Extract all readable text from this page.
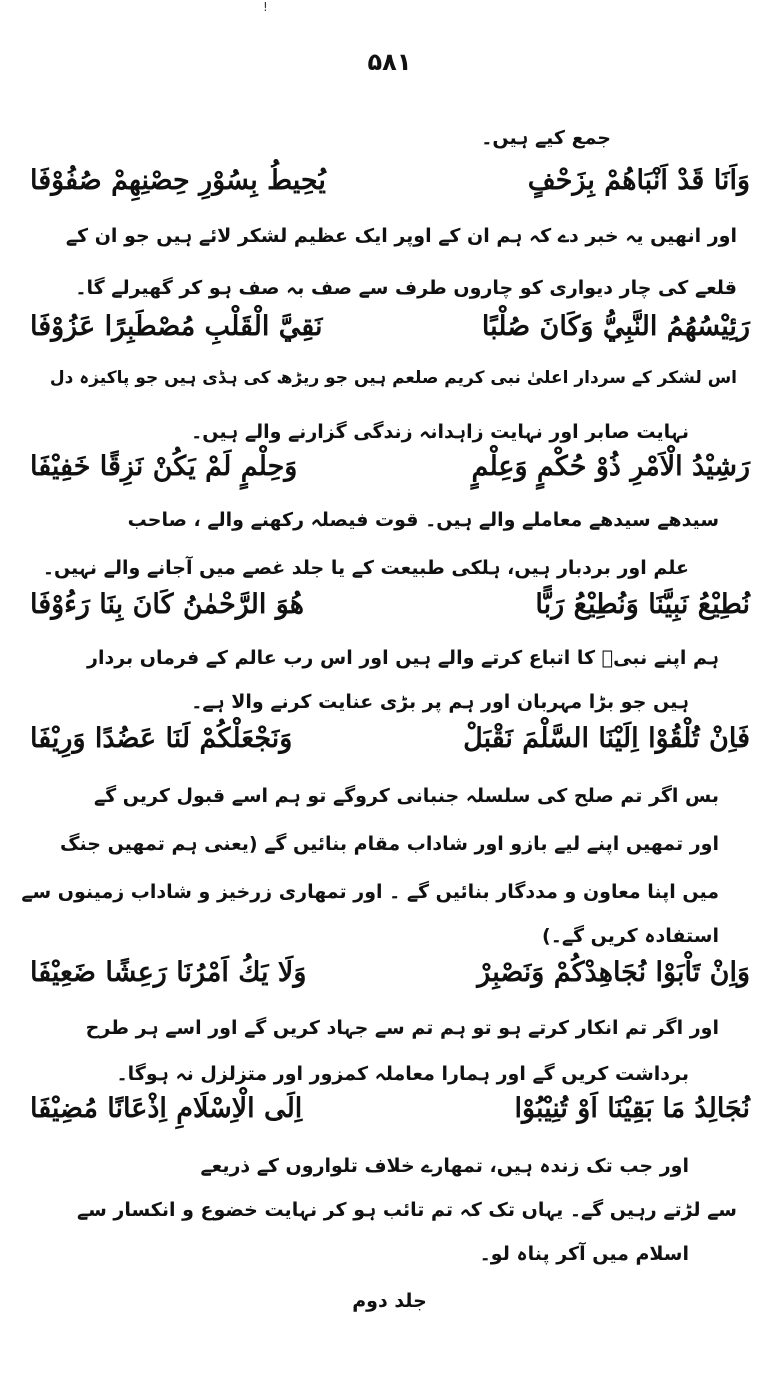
!
۵۸۱
جمع کیے ہیں۔
وَاَنَا قَدْ اَنْبَاهُمْ بِزَحْفٍ
يُحِيطُ بِسُوْرِ حِصْنِهِمْ صُفُوْفَا
اور انھیں یہ خبر دے کہ ہم ان کے اوپر ایک عظیم لشکر لائے ہیں جو ان کے
قلعے کی چار دیواری کو چاروں طرف سے صف بہ صف ہو کر گھیرلے گا۔
رَئِيْسُهُمُ النَّبِيُّ وَكَانَ صُلْبًا
نَقِيَّ الْقَلْبِ مُصْطَبِرًا عَزُوْفَا
اس لشکر کے سردار اعلیٰ نبی کریم صلعم ہیں جو ریڑھ کی ہڈی ہیں جو پاکیزہ دل
نہایت صابر اور نہایت زاہدانہ زندگی گزارنے والے ہیں۔
رَشِيْدُ الْاَمْرِ ذُوْ حُكْمٍ وَعِلْمٍ
وَحِلْمٍ لَمْ يَكُنْ نَزِقًا خَفِيْفَا
سیدھے سیدھے معاملے والے ہیں۔ قوت فیصلہ رکھنے والے ، صاحب
علم اور بردبار ہیں، ہلکی طبیعت کے یا جلد غصے میں آجانے والے نہیں۔
نُطِيْعُ نَبِيَّنَا وَنُطِيْعُ رَبًّا
هُوَ الرَّحْمٰنُ كَانَ بِنَا رَءُوْفَا
ہم اپنے نبیؐ کا اتباع کرتے والے ہیں اور اس رب عالم کے فرماں بردار
ہیں جو بڑا مہربان اور ہم پر بڑی عنایت کرنے والا ہے۔
فَاِنْ تُلْقُوْا اِلَيْنَا السَّلْمَ نَقْبَلْ
وَنَجْعَلْكُمْ لَنَا عَضُدًا وَرِيْفَا
بس اگر تم صلح کی سلسلہ جنبانی کروگے تو ہم اسے قبول کریں گے
اور تمھیں اپنے لیے بازو اور شاداب مقام بنائیں گے (یعنی ہم تمھیں جنگ
میں اپنا معاون و مددگار بنائیں گے ۔ اور تمھاری زرخیز و شاداب زمینوں سے
استفادہ کریں گے۔)
وَاِنْ تَاْبَوْا نُجَاهِدْكُمْ وَنَصْبِرْ
وَلَا يَكُ اَمْرُنَا رَعِشًا ضَعِيْفَا
اور اگر تم انکار کرتے ہو تو ہم تم سے جہاد کریں گے اور اسے ہر طرح
برداشت کریں گے اور ہمارا معاملہ کمزور اور متزلزل نہ ہوگا۔
نُجَالِدُ مَا بَقِيْنَا اَوْ تُنِيْبُوْا
اِلَى الْاِسْلَامِ اِذْعَانًا مُضِيْفَا
اور جب تک زندہ ہیں، تمھارے خلاف تلواروں کے ذریعے
سے لڑتے رہیں گے۔ یہاں تک کہ تم تائب ہو کر نہایت خضوع و انکسار سے
اسلام میں آکر پناہ لو۔
جلد دوم
